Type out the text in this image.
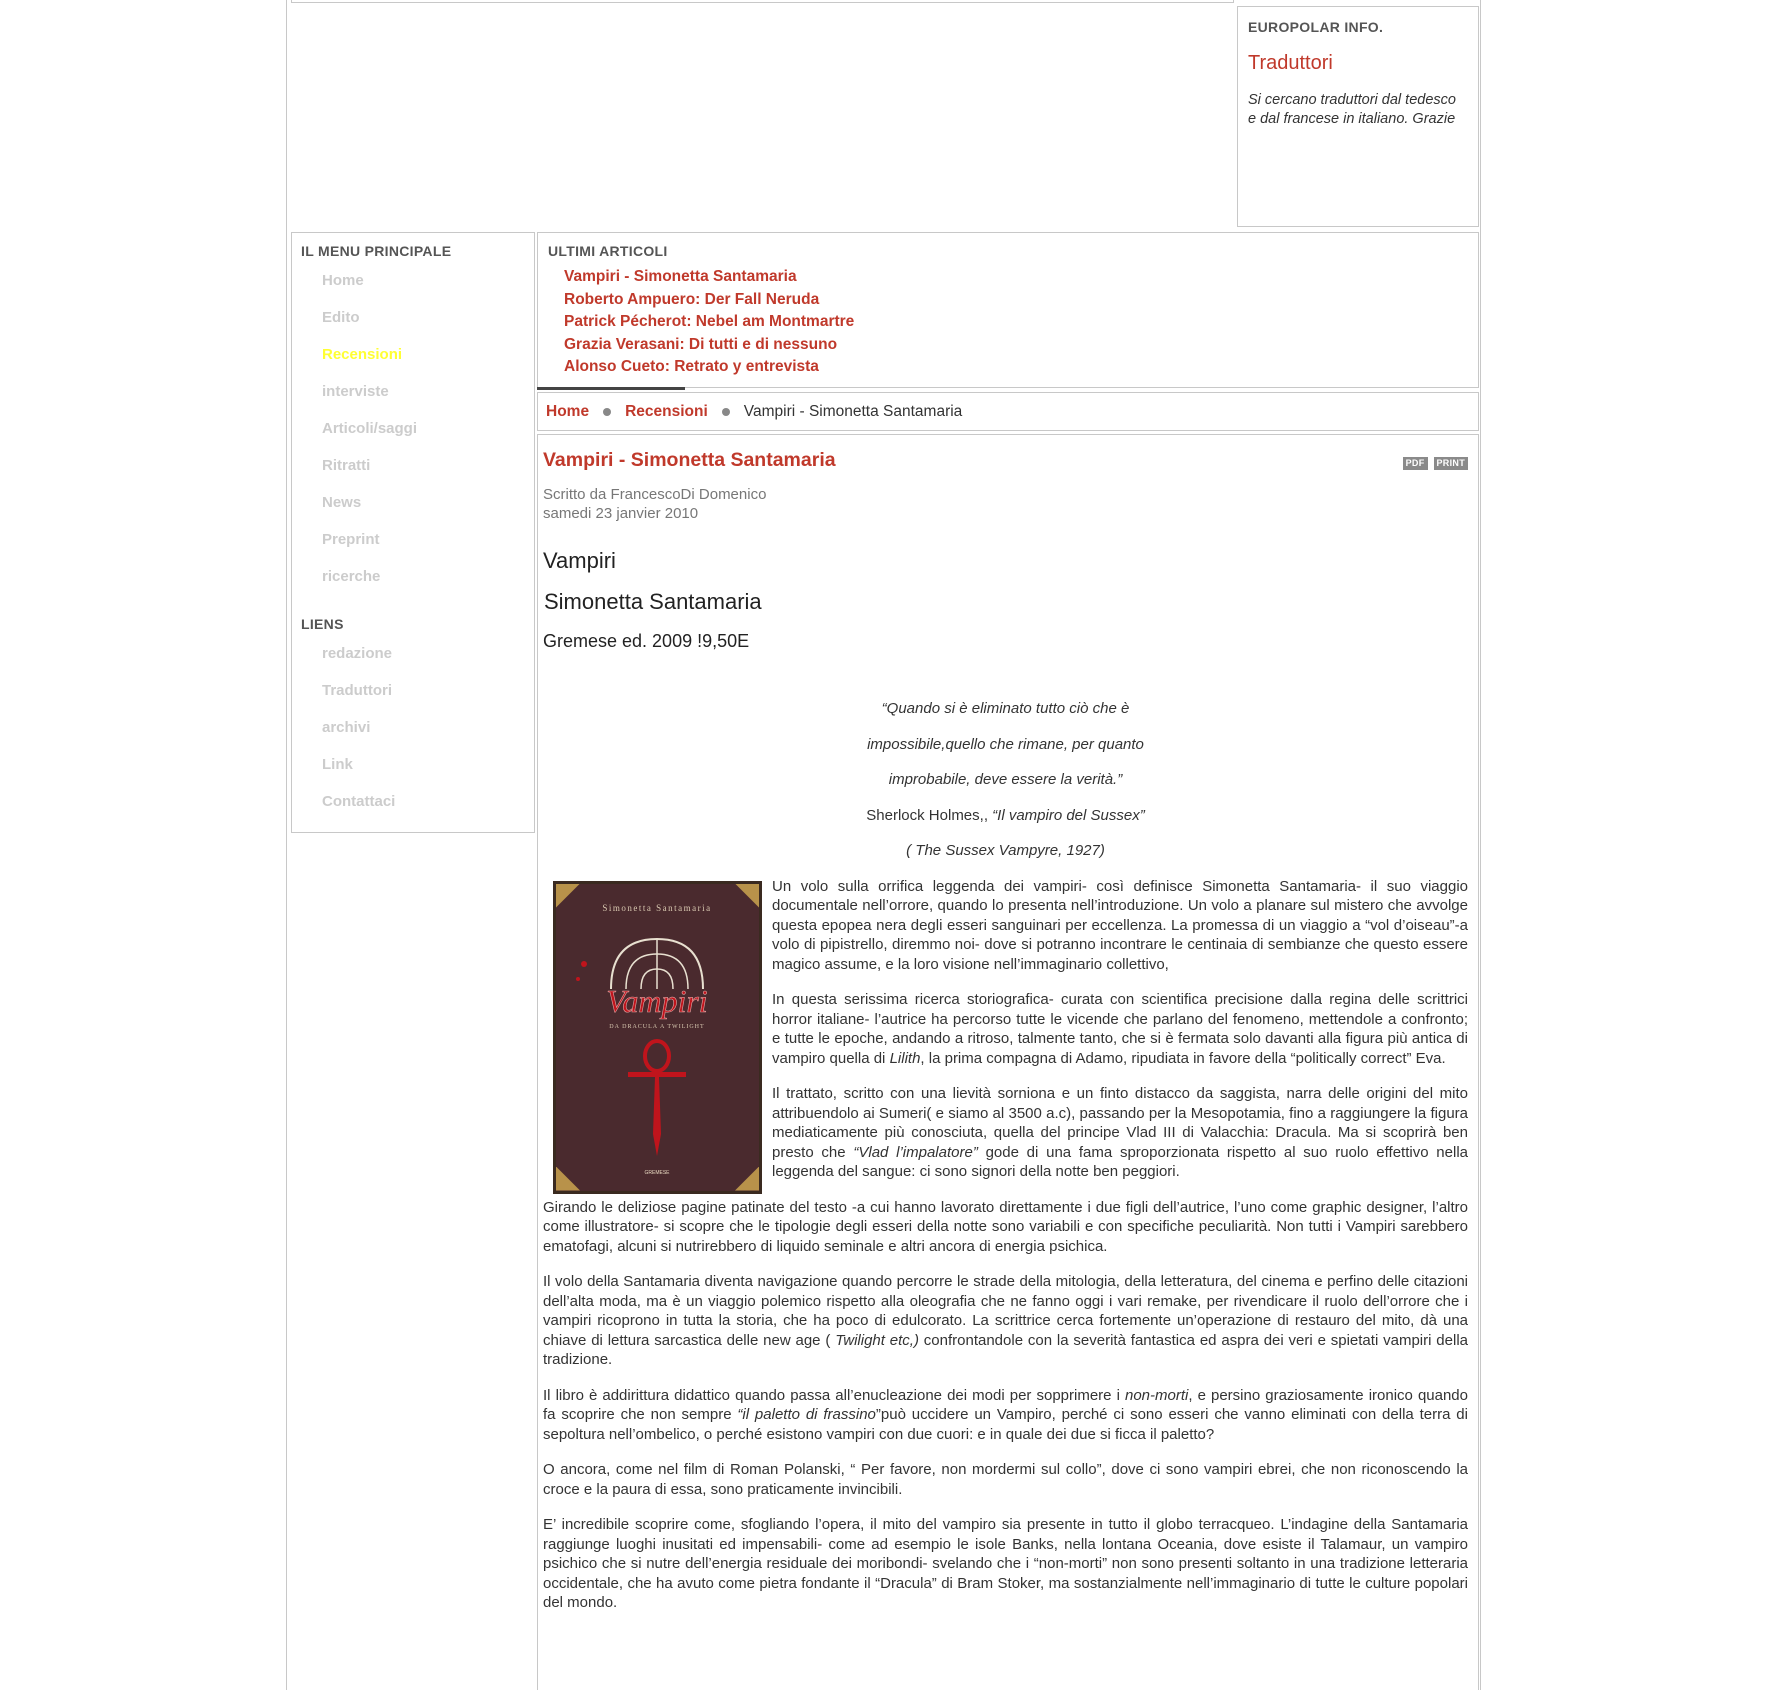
EUROPOLAR INFO.
Traduttori
Si cercano traduttori dal tedesco e dal francese in italiano. Grazie
IL MENU PRINCIPALE
Home
Edito
Recensioni
interviste
Articoli/saggi
Ritratti
News
Preprint
ricerche
LIENS
redazione
Traduttori
archivi
Link
Contattaci
ULTIMI ARTICOLI
Vampiri - Simonetta Santamaria
Roberto Ampuero: Der Fall Neruda
Patrick Pécherot: Nebel am Montmartre
Grazia Verasani: Di tutti e di nessuno
Alonso Cueto: Retrato y entrevista
Home Recensioni Vampiri - Simonetta Santamaria
Vampiri - Simonetta Santamaria	PDF	PRINT
Scritto da FrancescoDi Domenico
samedi 23 janvier 2010
Vampiri
Simonetta Santamaria
Gremese ed. 2009 !9,50E

“Quando si è eliminato tutto ciò che è

impossibile,quello che rimane, per quanto

improbabile, deve essere la verità.”

Sherlock Holmes,, “Il vampiro del Sussex”

( The Sussex Vampyre, 1927)

Simonetta Santamaria
Vampiri
DA DRACULA A TWILIGHT
GREMESE

Un volo sulla orrifica leggenda dei vampiri- così definisce Simonetta Santamaria- il suo viaggio documentale nell’orrore, quando lo presenta nell’introduzione. Un volo a planare sul mistero che avvolge questa epopea nera degli esseri sanguinari per eccellenza. La promessa di un viaggio a “vol d’oiseau”-a volo di pipistrello, diremmo noi- dove si potranno incontrare le centinaia di sembianze che questo essere magico assume, e la loro visione nell’immaginario collettivo,

In questa serissima ricerca storiografica- curata con scientifica precisione dalla regina delle scrittrici horror italiane- l’autrice ha percorso tutte le vicende che parlano del fenomeno, mettendole a confronto; e tutte le epoche, andando a ritroso, talmente tanto, che si è fermata solo davanti alla figura più antica di vampiro quella di Lilith, la prima compagna di Adamo, ripudiata in favore della “politically correct” Eva.

Il trattato, scritto con una lievità sorniona e un finto distacco da saggista, narra delle origini del mito attribuendolo ai Sumeri( e siamo al 3500 a.c), passando per la Mesopotamia, fino a raggiungere la figura mediaticamente più conosciuta, quella del principe Vlad III di Valacchia: Dracula. Ma si scoprirà ben presto che “Vlad l’impalatore” gode di una fama sproporzionata rispetto al suo ruolo effettivo nella leggenda del sangue: ci sono signori della notte ben peggiori.

Girando le deliziose pagine patinate del testo -a cui hanno lavorato direttamente i due figli dell’autrice, l’uno come graphic designer, l’altro come illustratore- si scopre che le tipologie degli esseri della notte sono variabili e con specifiche peculiarità. Non tutti i Vampiri sarebbero ematofagi, alcuni si nutrirebbero di liquido seminale e altri ancora di energia psichica.

Il volo della Santamaria diventa navigazione quando percorre le strade della mitologia, della letteratura, del cinema e perfino delle citazioni dell’alta moda, ma è un viaggio polemico rispetto alla oleografia che ne fanno oggi i vari remake, per rivendicare il ruolo dell’orrore che i vampiri ricoprono in tutta la storia, che ha poco di edulcorato. La scrittrice cerca fortemente un’operazione di restauro del mito, dà una chiave di lettura sarcastica delle new age ( Twilight etc,) confrontandole con la severità fantastica ed aspra dei veri e spietati vampiri della tradizione.

Il libro è addirittura didattico quando passa all’enucleazione dei modi per sopprimere i non-morti, e persino graziosamente ironico quando fa scoprire che non sempre “il paletto di frassino”può uccidere un Vampiro, perché ci sono esseri che vanno eliminati con della terra di sepoltura nell’ombelico, o perché esistono vampiri con due cuori: e in quale dei due si ficca il paletto?

O ancora, come nel film di Roman Polanski, “ Per favore, non mordermi sul collo”, dove ci sono vampiri ebrei, che non riconoscendo la croce e la paura di essa, sono praticamente invincibili.

E’ incredibile scoprire come, sfogliando l’opera, il mito del vampiro sia presente in tutto il globo terracqueo. L’indagine della Santamaria raggiunge luoghi inusitati ed impensabili- come ad esempio le isole Banks, nella lontana Oceania, dove esiste il Talamaur, un vampiro psichico che si nutre dell’energia residuale dei moribondi- svelando che i “non-morti” non sono presenti soltanto in una tradizione letteraria occidentale, che ha avuto come pietra fondante il “Dracula” di Bram Stoker, ma sostanzialmente nell’immaginario di tutte le culture popolari del mondo.
